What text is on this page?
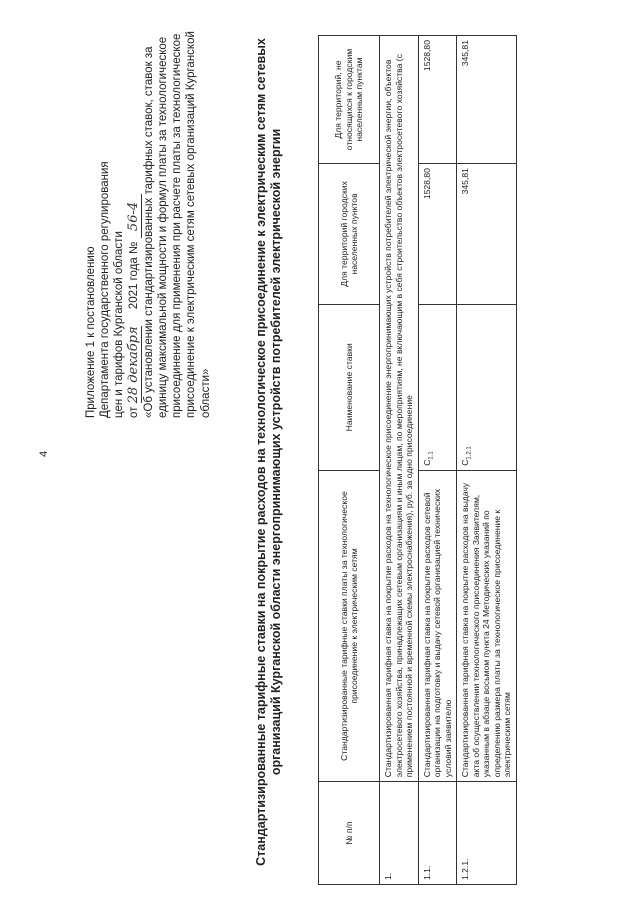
4
Приложение 1 к постановлению Департамента государственного регулирования цен и тарифов Курганской области от 28 декабря 2021 года № 56-4 «Об установлении стандартизированных тарифных ставок, ставок за единицу максимальной мощности и формул платы за технологическое присоединение для применения при расчете платы за технологическое присоединение к электрическим сетям сетевых организаций Курганской области»	Стандартизированные тарифные ставки на покрытие расходов на технологическое присоединение к электрическим сетям сетевых организаций Курганской области энергопринимающих устройств потребителей электрической энергии
№ п/п	Стандартизированные тарифные ставки платы за технологическое присоединение к электрическим сетям	Наименование ставки	Для территорий городских населенных пунктов	Для территорий, не относящихся к городским населенным пунктам
1.	Стандартизированная тарифная ставка на покрытие расходов на технологическое присоединение энергопринимающих устройств потребителей электрической энергии, объектов электросетевого хозяйства, принадлежащих сетевым организациям и иным лицам, по мероприятиям, не включающим в себя строительство объектов электросетевого хозяйства (с применением постоянной и временной схемы электроснабжения), руб. за одно присоединение			
1.1.	Стандартизированная тарифная ставка на покрытие расходов сетевой организации на подготовку и выдачу сетевой организацией технических условий заявителю	$C_{1.1}$	1528,80	1528,80
1.2.1.	Стандартизированная тарифная ставка на покрытие расходов на выдачу акта об осуществлении технологического присоединения Заявителям, указанным в абзаце восьмом пункта 24 Методических указаний по определению размера платы за технологическое присоединение к электрическим сетям	$C_{1.2.1}$	345,81	345,81
